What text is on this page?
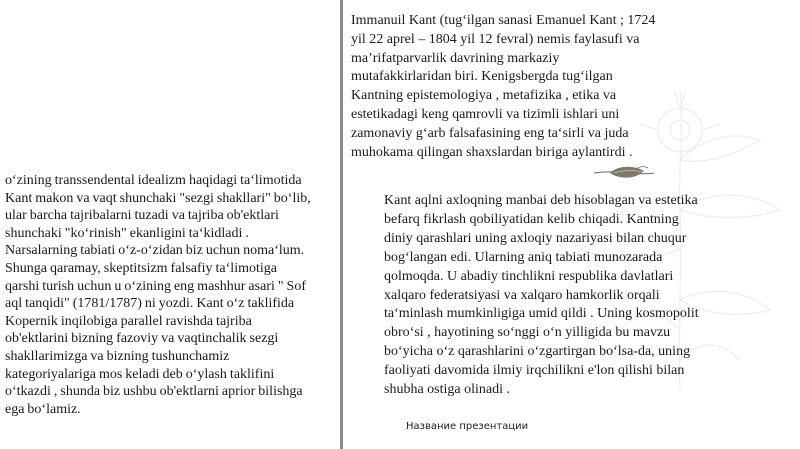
o‘zining transsendental idealizm haqidagi ta‘limotida
Kant makon va vaqt shunchaki "sezgi shakllari" bo‘lib,
ular barcha tajribalarni tuzadi va tajriba ob'ektlari
shunchaki "ko‘rinish" ekanligini ta‘kidladi .
Narsalarning tabiati o‘z-o‘zidan biz uchun noma‘lum.
Shunga qaramay, skeptitsizm falsafiy ta‘limotiga
qarshi turish uchun u o‘zining eng mashhur asari " Sof
aql tanqidi" (1781/1787) ni yozdi. Kant o‘z taklifida
Kopernik inqilobiga parallel ravishda tajriba
ob'ektlarini bizning fazoviy va vaqtinchalik sezgi
shakllarimizga va bizning tushunchamiz
kategoriyalariga mos keladi deb o‘ylash taklifini
o‘tkazdi , shunda biz ushbu ob'ektlarni aprior bilishga
ega bo‘lamiz.
Immanuil Kant (tug‘ilgan sanasi Emanuel Kant ; 1724
yil 22 aprel – 1804 yil 12 fevral) nemis faylasufi va
ma’rifatparvarlik davrining markaziy
mutafakkirlaridan biri. Kenigsbergda tug‘ilgan
Kantning epistemologiya , metafizika , etika va
estetikadagi keng qamrovli va tizimli ishlari uni
zamonaviy g‘arb falsafasining eng ta‘sirli va juda
muhokama qilingan shaxslardan biriga aylantirdi .
Kant aqlni axloqning manbai deb hisoblagan va estetika
befarq fikrlash qobiliyatidan kelib chiqadi. Kantning
diniy qarashlari uning axloqiy nazariyasi bilan chuqur
bog‘langan edi. Ularning aniq tabiati munozarada
qolmoqda. U abadiy tinchlikni respublika davlatlari
xalqaro federatsiyasi va xalqaro hamkorlik orqali
ta‘minlash mumkinligiga umid qildi . Uning kosmopolit
obro‘si , hayotining so‘nggi o‘n yilligida bu mavzu
bo‘yicha o‘z qarashlarini o‘zgartirgan bo‘lsa-da, uning
faoliyati davomida ilmiy irqchilikni e'lon qilishi bilan
shubha ostiga olinadi .
Название презентации
